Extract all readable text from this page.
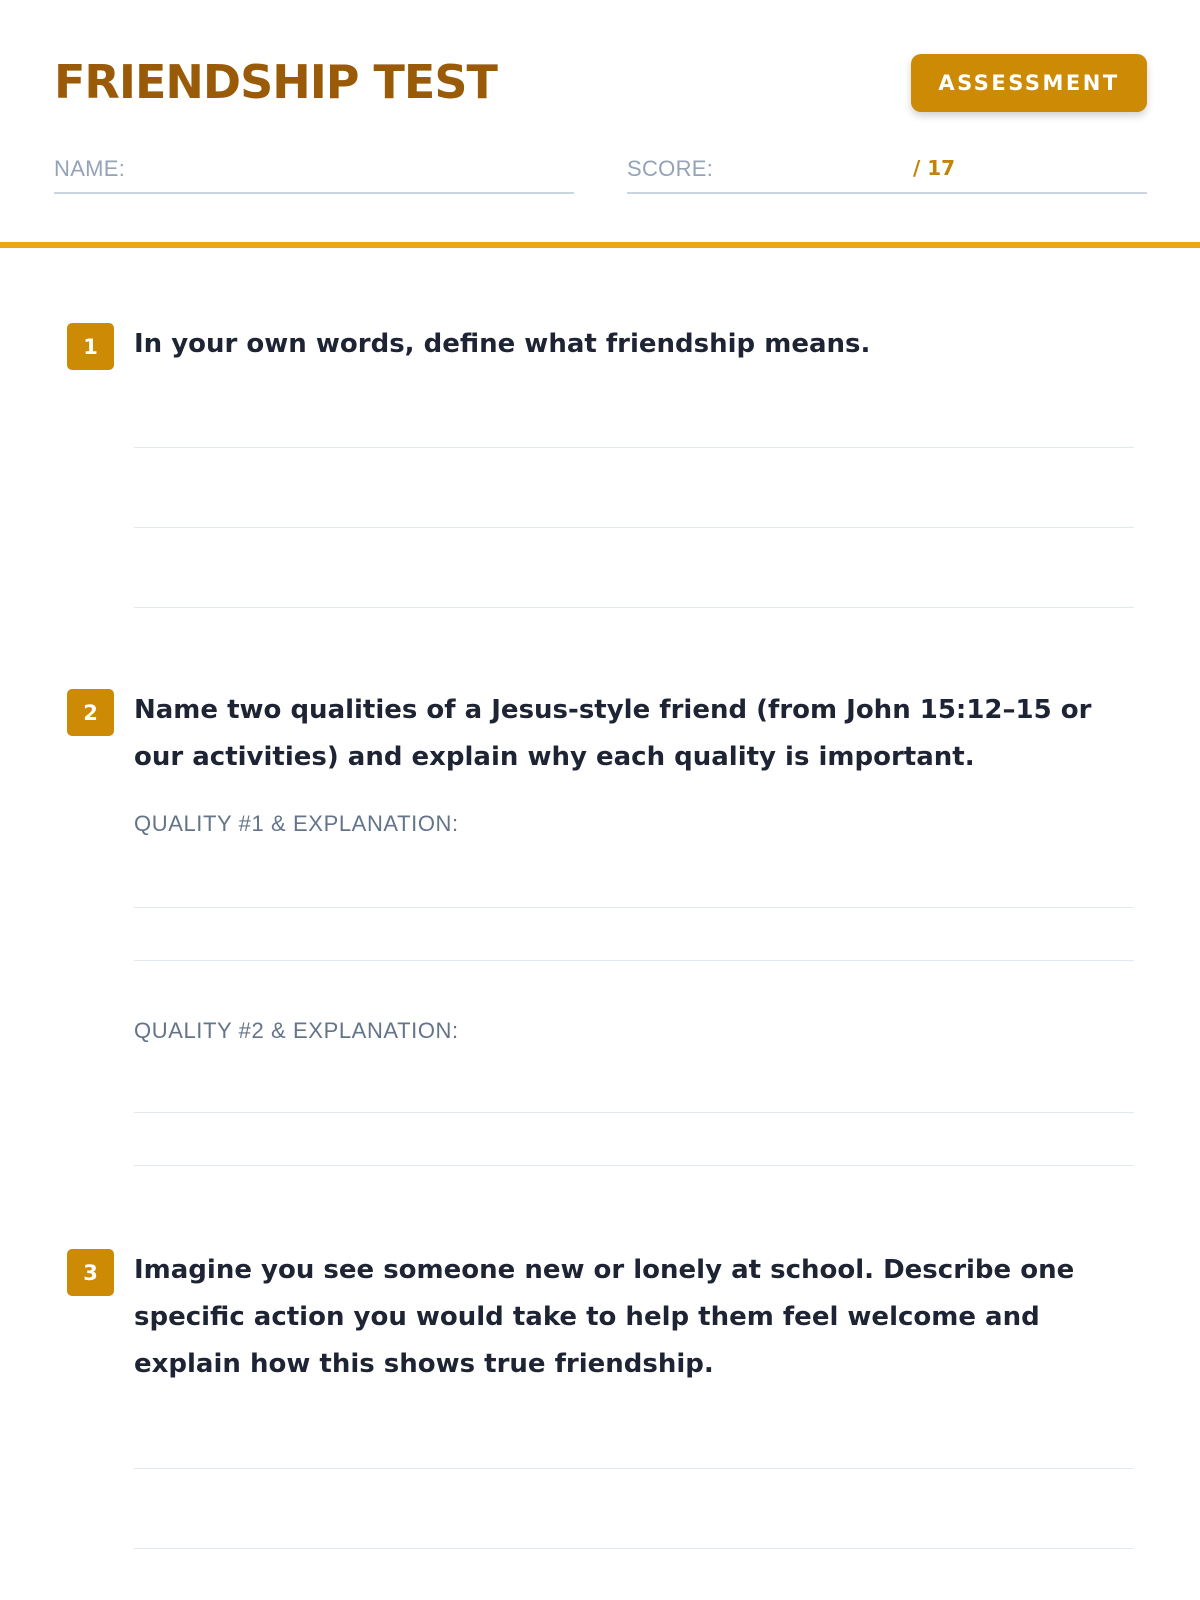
FRIENDSHIP TEST	ASSESSMENT
NAME:	SCORE:	/ 17
1	In your own words, define what friendship means.

2	Name two qualities of a Jesus-style friend (from John 15:12–15 or our activities) and explain why each quality is important.

QUALITY #1 & EXPLANATION:
QUALITY #2 & EXPLANATION:
3	Imagine you see someone new or lonely at school. Describe one specific action you would take to help them feel welcome and explain how this shows true friendship.
